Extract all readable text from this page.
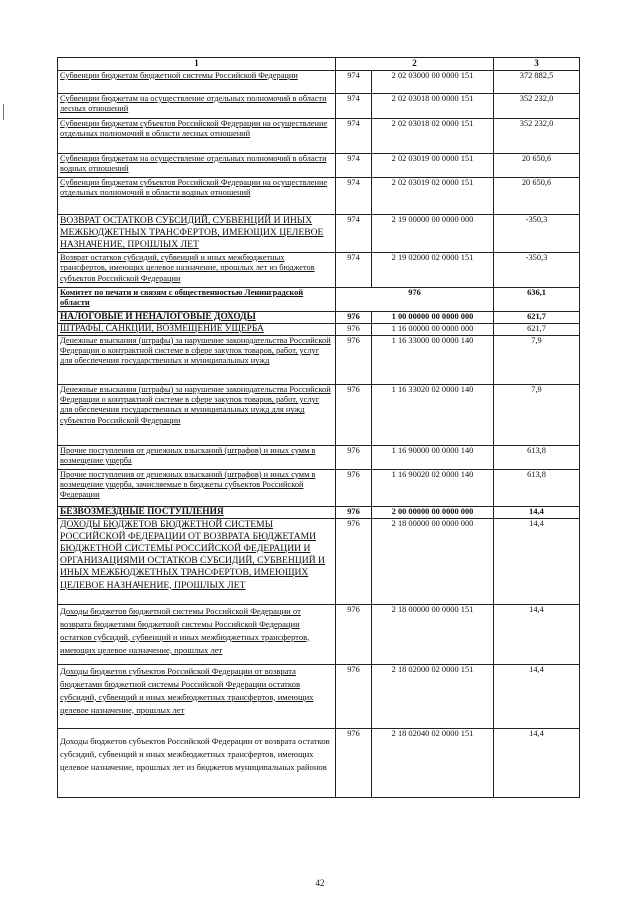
1	2		3
Субвенции бюджетам бюджетной системы Российской Федерации	974	2 02 03000 00 0000 151	372 882,5
Субвенции бюджетам на осуществление отдельных полномочий в области лесных отношений	974	2 02 03018 00 0000 151	352 232,0
Субвенции бюджетам субъектов Российской Федерации на осуществление отдельных полномочий в области лесных отношений	974	2 02 03018 02 0000 151	352 232,0
Субвенции бюджетам на осуществление отдельных полномочий в области водных отношений	974	2 02 03019 00 0000 151	20 650,6
Субвенции бюджетам субъектов Российской Федерации на осуществление отдельных полномочий в области водных отношений	974	2 02 03019 02 0000 151	20 650,6
ВОЗВРАТ ОСТАТКОВ СУБСИДИЙ, СУБВЕНЦИЙ И ИНЫХ МЕЖБЮДЖЕТНЫХ ТРАНСФЕРТОВ, ИМЕЮЩИХ ЦЕЛЕВОЕ НАЗНАЧЕНИЕ, ПРОШЛЫХ ЛЕТ	974	2 19 00000 00 0000 000	-350,3
Возврат остатков субсидий, субвенций и иных межбюджетных трансфертов, имеющих целевое назначение, прошлых лет из бюджетов субъектов Российской Федерации	974	2 19 02000 02 0000 151	-350,3
Комитет по печати и связям с общественностью Ленинградской области	976		636,1
НАЛОГОВЫЕ И НЕНАЛОГОВЫЕ ДОХОДЫ	976	1 00 00000 00 0000 000	621,7
ШТРАФЫ, САНКЦИИ, ВОЗМЕЩЕНИЕ УЩЕРБА	976	1 16 00000 00 0000 000	621,7
Денежные взыскания (штрафы) за нарушение законодательства Российской Федерации о контрактной системе в сфере закупок товаров, работ, услуг для обеспечения государственных и муниципальных нужд	976	1 16 33000 00 0000 140	7,9
Денежные взыскания (штрафы) за нарушение законодательства Российской Федерации о контрактной системе в сфере закупок товаров, работ, услуг для обеспечения государственных и муниципальных нужд для нужд субъектов Российской Федерации	976	1 16 33020 02 0000 140	7,9
Прочие поступления от денежных взысканий (штрафов) и иных сумм в возмещение ущерба	976	1 16 90000 00 0000 140	613,8
Прочие поступления от денежных взысканий (штрафов) и иных сумм в возмещение ущерба, зачисляемые в бюджеты субъектов Российской Федерации	976	1 16 90020 02 0000 140	613,8
БЕЗВОЗМЕЗДНЫЕ ПОСТУПЛЕНИЯ	976	2 00 00000 00 0000 000	14,4
ДОХОДЫ БЮДЖЕТОВ БЮДЖЕТНОЙ СИСТЕМЫ РОССИЙСКОЙ ФЕДЕРАЦИИ ОТ ВОЗВРАТА БЮДЖЕТАМИ БЮДЖЕТНОЙ СИСТЕМЫ РОССИЙСКОЙ ФЕДЕРАЦИИ И ОРГАНИЗАЦИЯМИ ОСТАТКОВ СУБСИДИЙ, СУБВЕНЦИЙ И ИНЫХ МЕЖБЮДЖЕТНЫХ ТРАНСФЕРТОВ, ИМЕЮЩИХ ЦЕЛЕВОЕ НАЗНАЧЕНИЕ, ПРОШЛЫХ ЛЕТ	976	2 18 00000 00 0000 000	14,4
Доходы бюджетов бюджетной системы Российской Федерации от возврата бюджетами бюджетной системы Российской Федерации остатков субсидий, субвенций и иных межбюджетных трансфертов, имеющих целевое назначение, прошлых лет	976	2 18 00000 00 0000 151	14,4
Доходы бюджетов субъектов Российской Федерации от возврата бюджетами бюджетной системы Российской Федерации остатков субсидий, субвенций и иных межбюджетных трансфертов, имеющих целевое назначение, прошлых лет	976	2 18 02000 02 0000 151	14,4
Доходы бюджетов субъектов Российской Федерации от возврата остатков субсидий, субвенций и иных межбюджетных трансфертов, имеющих целевое назначение, прошлых лет из бюджетов муниципальных районов	976	2 18 02040 02 0000 151	14,4
42
